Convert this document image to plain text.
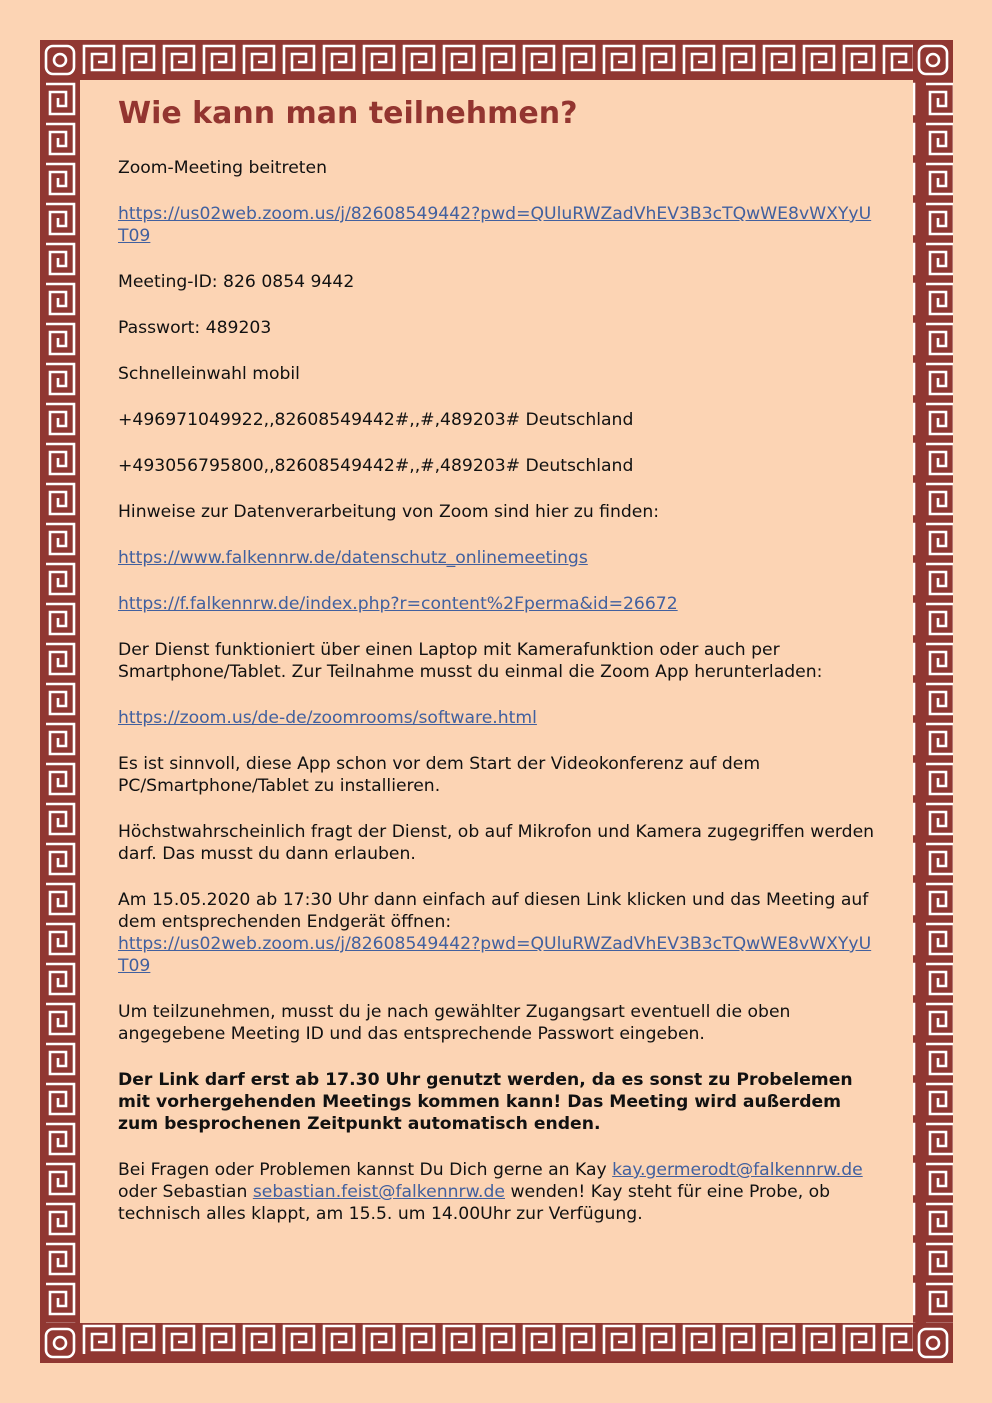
Wie kann man teilnehmen?

Zoom-Meeting beitreten

https://us02web.zoom.us/j/82608549442?pwd=QUluRWZadVhEV3B3cTQwWE8vWXYyUT09

Meeting-ID: 826 0854 9442

Passwort: 489203

Schnelleinwahl mobil

+496971049922,,82608549442#,,#,489203# Deutschland

+493056795800,,82608549442#,,#,489203# Deutschland

Hinweise zur Datenverarbeitung von Zoom sind hier zu finden:

https://www.falkennrw.de/datenschutz_onlinemeetings

https://f.falkennrw.de/index.php?r=content%2Fperma&id=26672

Der Dienst funktioniert über einen Laptop mit Kamerafunktion oder auch per Smartphone/Tablet. Zur Teilnahme musst du einmal die Zoom App herunterladen:

https://zoom.us/de-de/zoomrooms/software.html

Es ist sinnvoll, diese App schon vor dem Start der Videokonferenz auf dem PC/Smartphone/Tablet zu installieren.

Höchstwahrscheinlich fragt der Dienst, ob auf Mikrofon und Kamera zugegriffen werden darf. Das musst du dann erlauben.

Am 15.05.2020 ab 17:30 Uhr dann einfach auf diesen Link klicken und das Meeting auf dem entsprechenden Endgerät öffnen:
https://us02web.zoom.us/j/82608549442?pwd=QUluRWZadVhEV3B3cTQwWE8vWXYyUT09

Um teilzunehmen, musst du je nach gewählter Zugangsart eventuell die oben angegebene Meeting ID und das entsprechende Passwort eingeben.

Der Link darf erst ab 17.30 Uhr genutzt werden, da es sonst zu Probelemen mit vorhergehenden Meetings kommen kann! Das Meeting wird außerdem zum besprochenen Zeitpunkt automatisch enden.

Bei Fragen oder Problemen kannst Du Dich gerne an Kay kay.germerodt@falkennrw.de oder Sebastian sebastian.feist@falkennrw.de wenden! Kay steht für eine Probe, ob technisch alles klappt, am 15.5. um 14.00Uhr zur Verfügung.
